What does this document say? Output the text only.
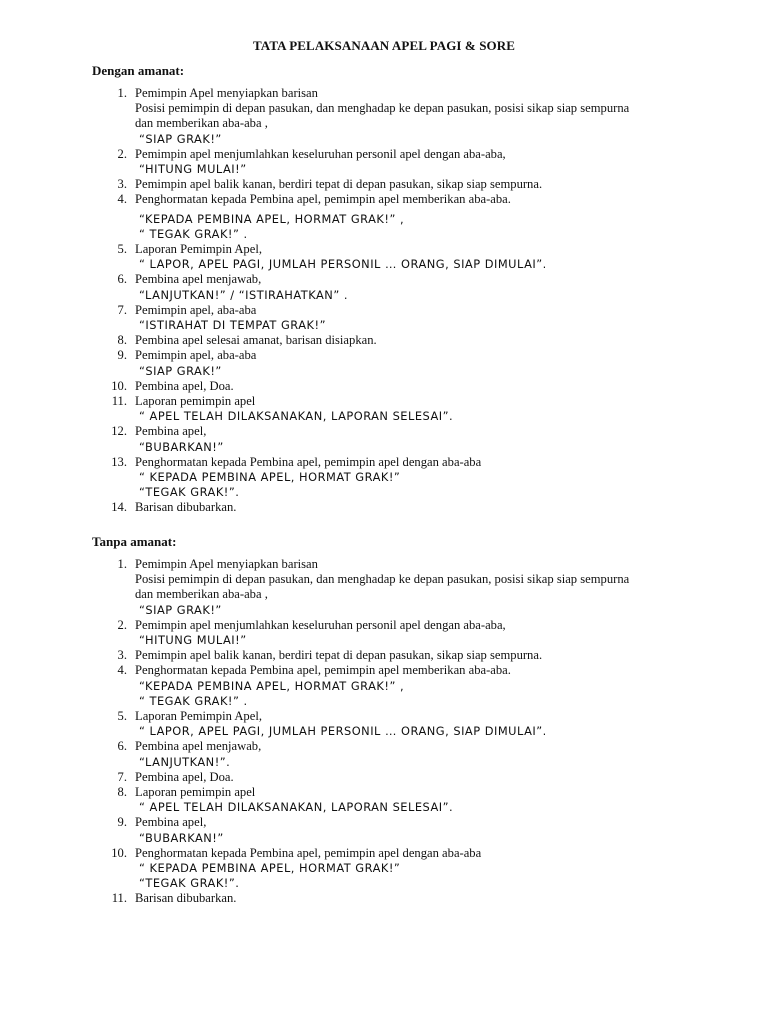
TATA PELAKSANAAN APEL PAGI & SORE
Dengan amanat:
1. Pemimpin Apel menyiapkan barisan
Posisi pemimpin di depan pasukan, dan menghadap ke depan pasukan, posisi sikap siap sempurna
dan memberikan aba-aba ,
“SIAP GRAK!”
2. Pemimpin apel menjumlahkan keseluruhan personil apel dengan aba-aba,
“HITUNG MULAI!”
3. Pemimpin apel balik kanan, berdiri tepat di depan pasukan, sikap siap sempurna.
4. Penghormatan kepada Pembina apel, pemimpin apel memberikan aba-aba.
“KEPADA PEMBINA APEL, HORMAT GRAK!” ,
“ TEGAK GRAK!” .
5. Laporan Pemimpin Apel,
“ LAPOR, APEL PAGI, JUMLAH PERSONIL … ORANG, SIAP DIMULAI”.
6. Pembina apel menjawab,
“LANJUTKAN!” / “ISTIRAHATKAN” .
7. Pemimpin apel, aba-aba
“ISTIRAHAT DI TEMPAT GRAK!”
8. Pembina apel selesai amanat, barisan disiapkan.
9. Pemimpin apel, aba-aba
“SIAP GRAK!”
10. Pembina apel, Doa.
11. Laporan pemimpin apel
“ APEL TELAH DILAKSANAKAN, LAPORAN SELESAI”.
12. Pembina apel,
“BUBARKAN!”
13. Penghormatan kepada Pembina apel, pemimpin apel dengan aba-aba
“ KEPADA PEMBINA APEL, HORMAT GRAK!”
“TEGAK GRAK!”.
14. Barisan dibubarkan.
Tanpa amanat:
1. Pemimpin Apel menyiapkan barisan
Posisi pemimpin di depan pasukan, dan menghadap ke depan pasukan, posisi sikap siap sempurna
dan memberikan aba-aba ,
“SIAP GRAK!”
2. Pemimpin apel menjumlahkan keseluruhan personil apel dengan aba-aba,
“HITUNG MULAI!”
3. Pemimpin apel balik kanan, berdiri tepat di depan pasukan, sikap siap sempurna.
4. Penghormatan kepada Pembina apel, pemimpin apel memberikan aba-aba.
“KEPADA PEMBINA APEL, HORMAT GRAK!” ,
“ TEGAK GRAK!” .
5. Laporan Pemimpin Apel,
“ LAPOR, APEL PAGI, JUMLAH PERSONIL … ORANG, SIAP DIMULAI”.
6. Pembina apel menjawab,
“LANJUTKAN!”.
7. Pembina apel, Doa.
8. Laporan pemimpin apel
“ APEL TELAH DILAKSANAKAN, LAPORAN SELESAI”.
9. Pembina apel,
“BUBARKAN!”
10. Penghormatan kepada Pembina apel, pemimpin apel dengan aba-aba
“ KEPADA PEMBINA APEL, HORMAT GRAK!”
“TEGAK GRAK!”.
11. Barisan dibubarkan.
